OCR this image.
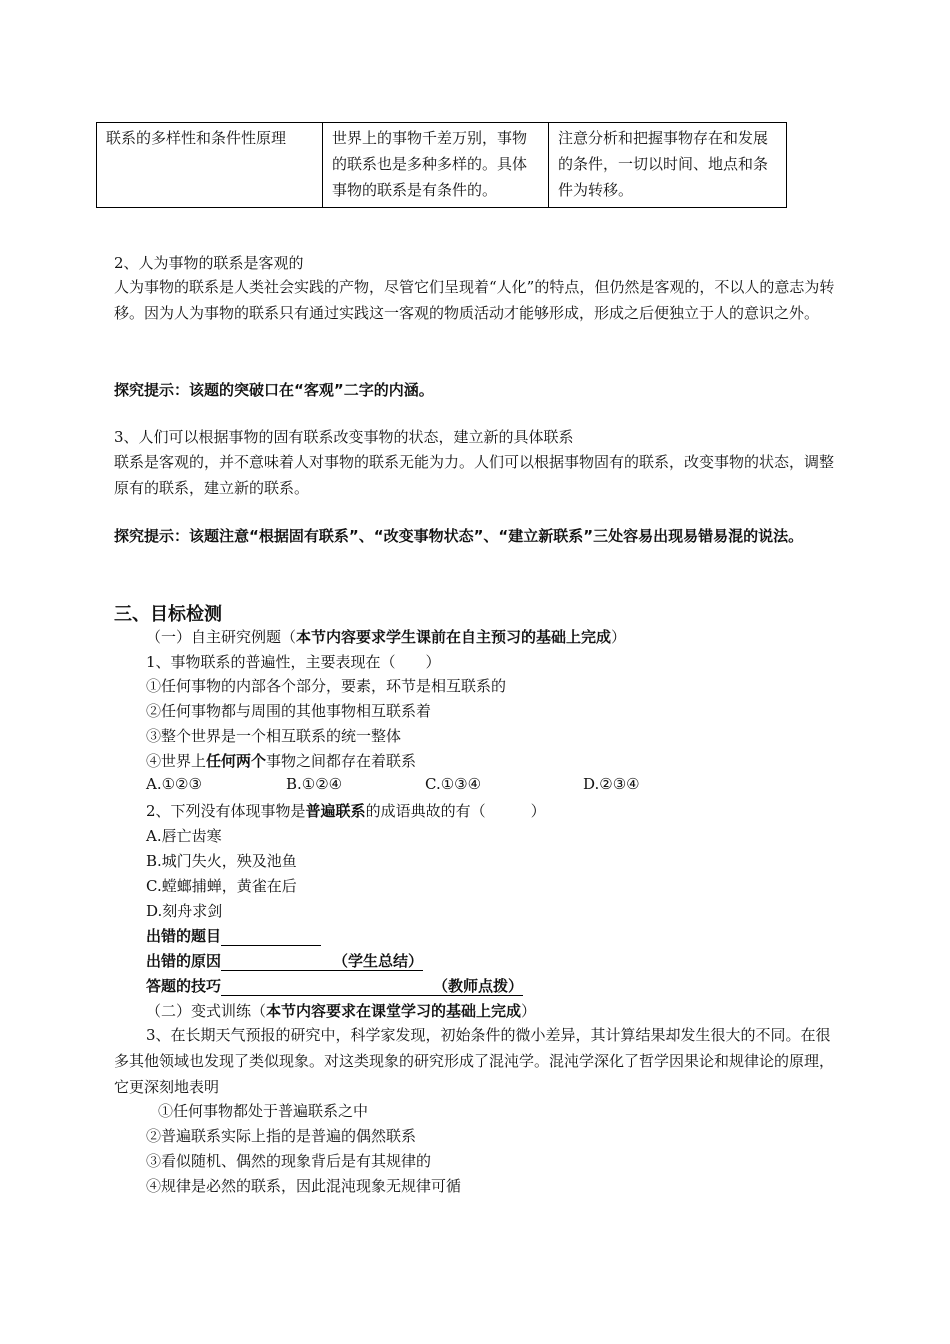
联系的多样性和条件性原理	世界上的事物千差万别，事物的联系也是多种多样的。具体事物的联系是有条件的。	注意分析和把握事物存在和发展的条件，一切以时间、地点和条件为转移。
2、人为事物的联系是客观的
人为事物的联系是人类社会实践的产物，尽管它们呈现着“人化”的特点，但仍然是客观的，不以人的意志为转移。因为人为事物的联系只有通过实践这一客观的物质活动才能够形成，形成之后便独立于人的意识之外。
探究提示：该题的突破口在“客观”二字的内涵。
3、人们可以根据事物的固有联系改变事物的状态，建立新的具体联系
联系是客观的，并不意味着人对事物的联系无能为力。人们可以根据事物固有的联系，改变事物的状态，调整原有的联系，建立新的联系。
探究提示：该题注意“根据固有联系”、“改变事物状态”、“建立新联系”三处容易出现易错易混的说法。
三、目标检测
（一）自主研究例题（本节内容要求学生课前在自主预习的基础上完成）
1、事物联系的普遍性，主要表现在（　　）
①任何事物的内部各个部分，要素，环节是相互联系的
②任何事物都与周围的其他事物相互联系着
③整个世界是一个相互联系的统一整体
④世界上任何两个事物之间都存在着联系
A.①②③	B.①②④	C.①③④	D.②③④
2、下列没有体现事物是普遍联系的成语典故的有（　　　）
A.唇亡齿寒
B.城门失火，殃及池鱼
C.螳螂捕蝉，黄雀在后
D.刻舟求剑
出错的题目
出错的原因	（学生总结）
答题的技巧	（教师点拨）
（二）变式训练（本节内容要求在课堂学习的基础上完成）
3、在长期天气预报的研究中，科学家发现，初始条件的微小差异，其计算结果却发生很大的不同。在很多其他领域也发现了类似现象。对这类现象的研究形成了混沌学。混沌学深化了哲学因果论和规律论的原理，它更深刻地表明
①任何事物都处于普遍联系之中
②普遍联系实际上指的是普遍的偶然联系
③看似随机、偶然的现象背后是有其规律的
④规律是必然的联系，因此混沌现象无规律可循
